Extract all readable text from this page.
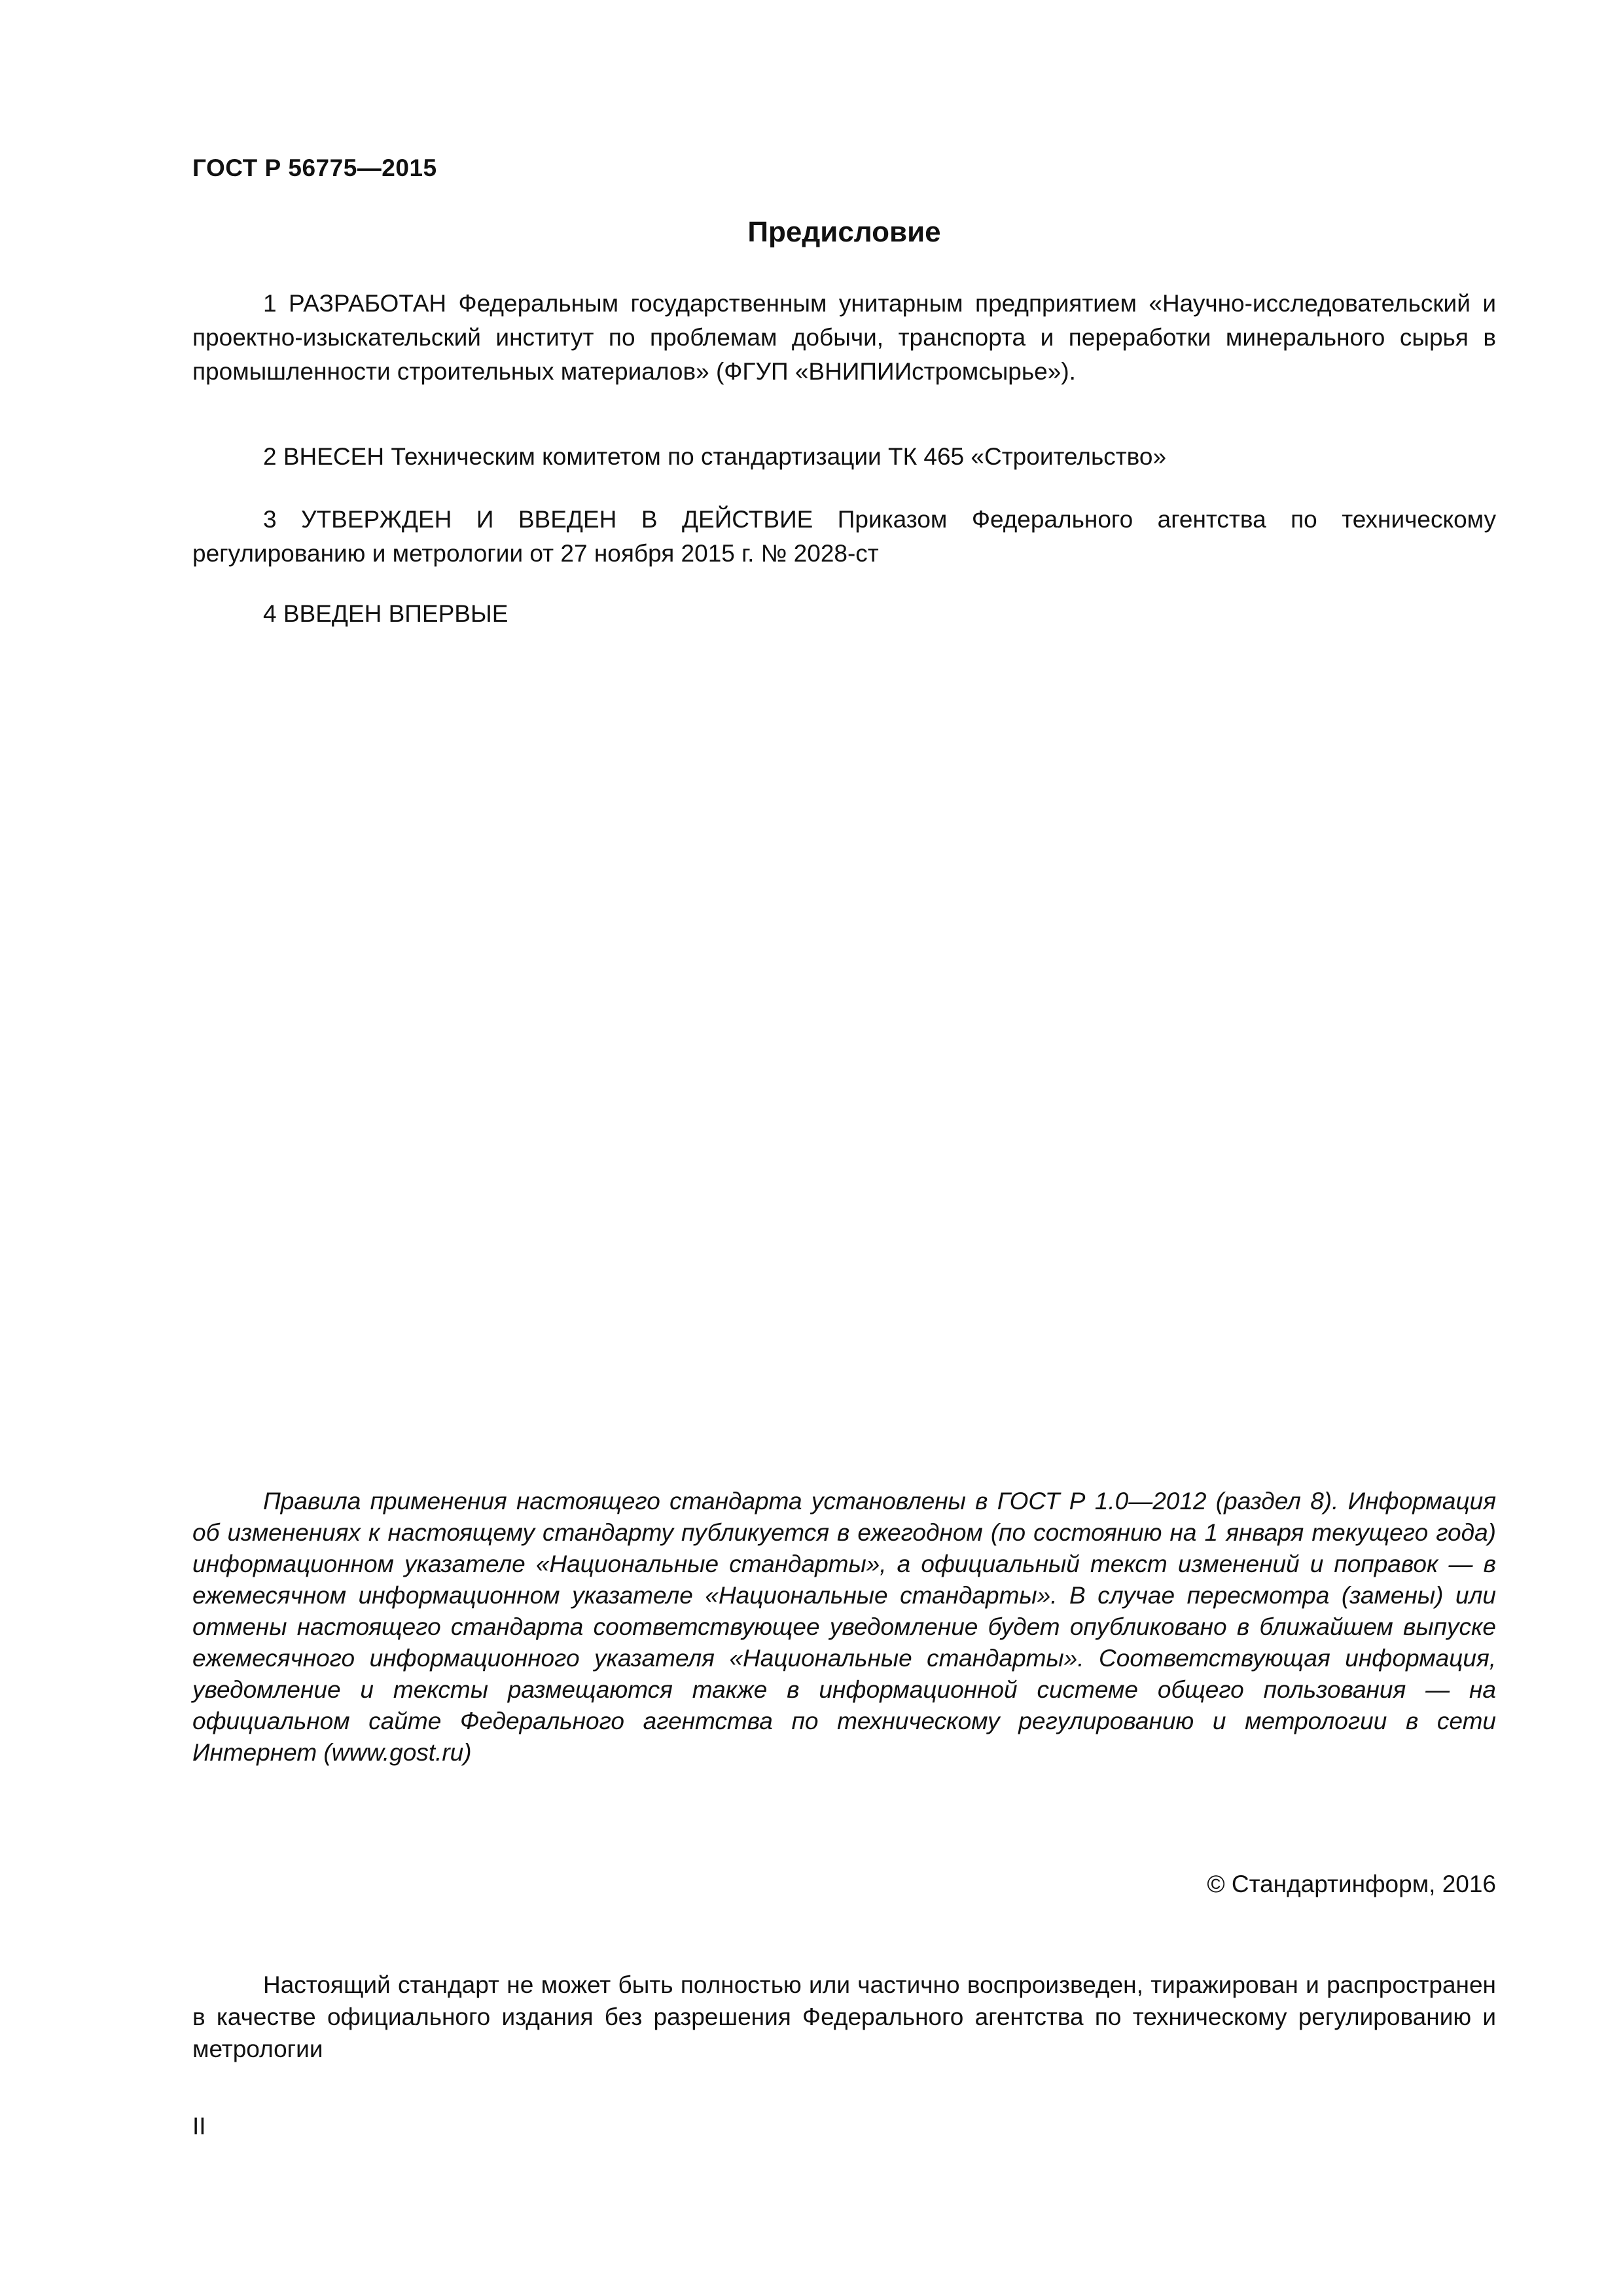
ГОСТ Р 56775—2015
Предисловие

1 РАЗРАБОТАН Федеральным государственным унитарным предприятием «Научно-исследовательский и проектно-изыскательский институт по проблемам добычи, транспорта и переработки минерального сырья в промышленности строительных материалов» (ФГУП «ВНИПИИстромсырье»).

2 ВНЕСЕН Техническим комитетом по стандартизации ТК 465 «Строительство»

3 УТВЕРЖДЕН И ВВЕДЕН В ДЕЙСТВИЕ Приказом Федерального агентства по техническому регулированию и метрологии от 27 ноября 2015 г. № 2028-ст

4 ВВЕДЕН ВПЕРВЫЕ

Правила применения настоящего стандарта установлены в ГОСТ Р 1.0—2012 (раздел 8). Информация об изменениях к настоящему стандарту публикуется в ежегодном (по состоянию на 1 января текущего года) информационном указателе «Национальные стандарты», а официальный текст изменений и поправок — в ежемесячном информационном указателе «Национальные стандарты». В случае пересмотра (замены) или отмены настоящего стандарта соответствующее уведомление будет опубликовано в ближайшем выпуске ежемесячного информационного указателя «Национальные стандарты». Соответствующая информация, уведомление и тексты размещаются также в информационной системе общего пользования — на официальном сайте Федерального агентства по техническому регулированию и метрологии в сети Интернет (www.gost.ru)

© Стандартинформ, 2016

Настоящий стандарт не может быть полностью или частично воспроизведен, тиражирован и распространен в качестве официального издания без разрешения Федерального агентства по техническому регулированию и метрологии

II
